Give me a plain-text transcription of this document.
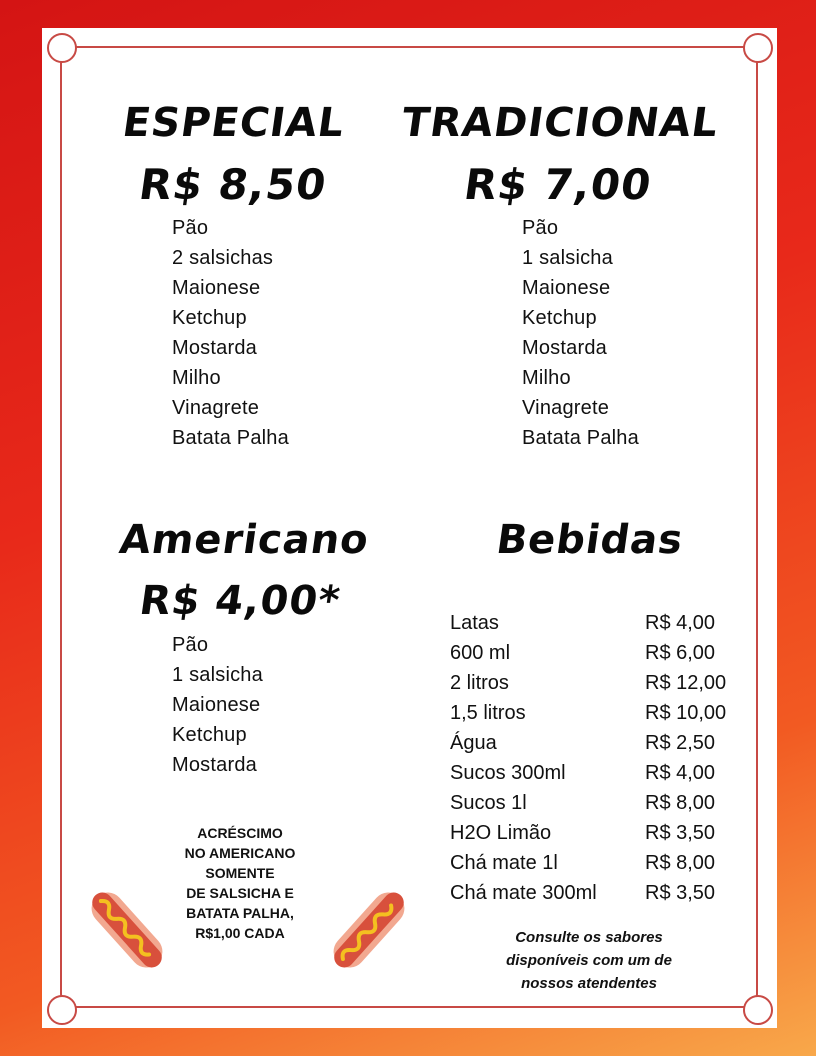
ESPECIAL
R$ 8,50
Pão
2 salsichas
Maionese
Ketchup
Mostarda
Milho
Vinagrete
Batata Palha
TRADICIONAL
R$ 7,00
Pão
1 salsicha
Maionese
Ketchup
Mostarda
Milho
Vinagrete
Batata Palha
Americano
R$ 4,00*
Pão
1 salsicha
Maionese
Ketchup
Mostarda
Bebidas
Latas	R$ 4,00
600 ml	R$ 6,00
2 litros	R$ 12,00
1,5 litros	R$ 10,00
Água	R$ 2,50
Sucos 300ml	R$ 4,00
Sucos 1l	R$ 8,00
H2O Limão	R$ 3,50
Chá mate 1l	R$ 8,00
Chá mate 300ml R$ 3,50
ACRÉSCIMO
NO AMERICANO
SOMENTE
DE SALSICHA E
BATATA PALHA,
R$1,00 CADA	Consulte os sabores
disponíveis com um de
nossos atendentes
